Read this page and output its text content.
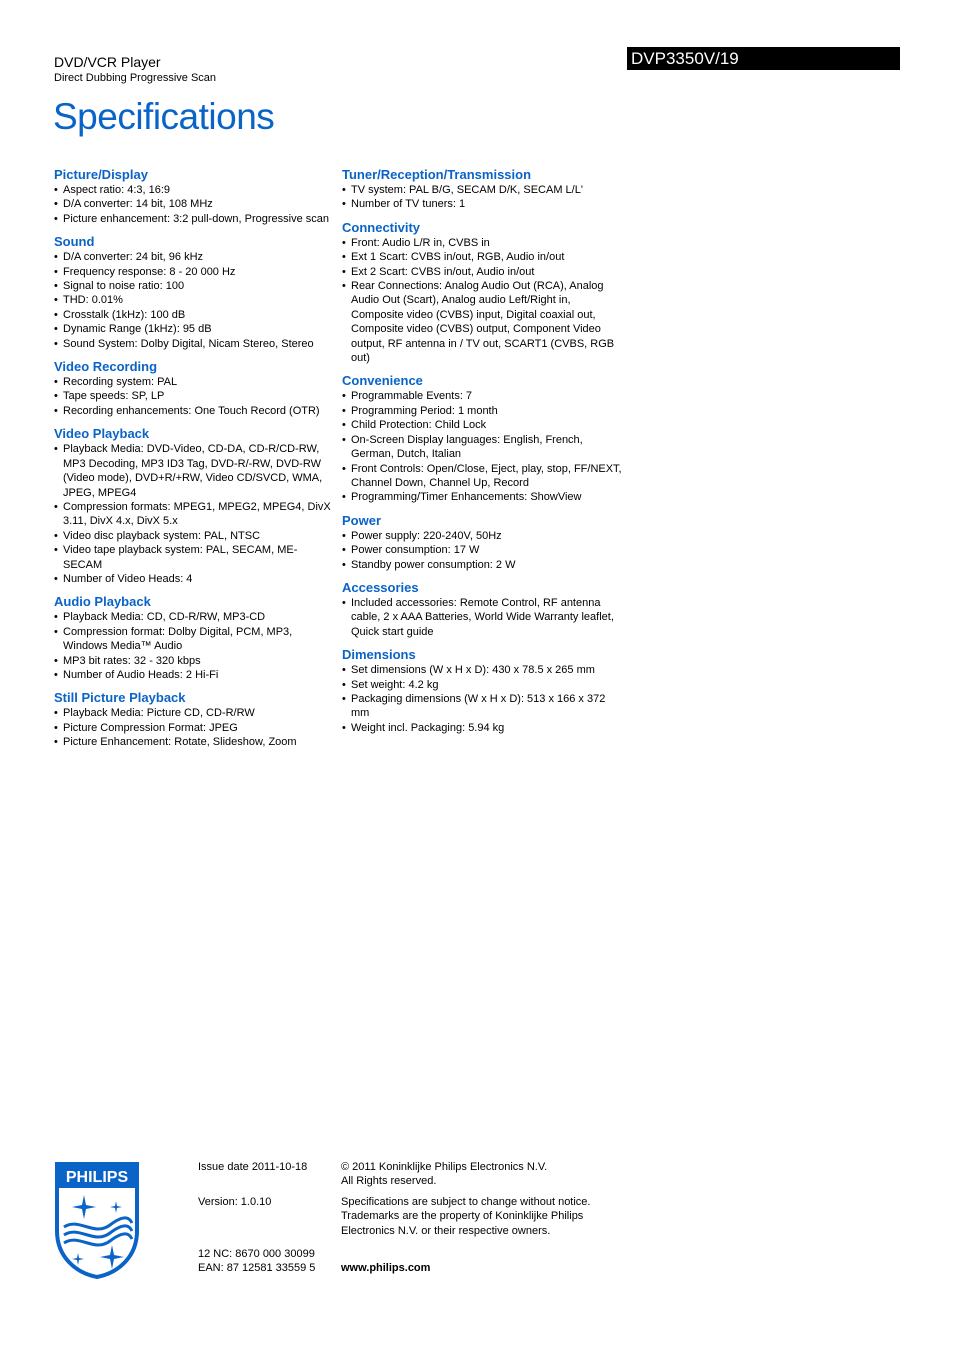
DVD/VCR Player
Direct Dubbing Progressive Scan
DVP3350V/19
Specifications
Picture/Display
• Aspect ratio: 4:3, 16:9
• D/A converter: 14 bit, 108 MHz
• Picture enhancement: 3:2 pull-down, Progressive scan
Sound
• D/A converter: 24 bit, 96 kHz
• Frequency response: 8 - 20 000 Hz
• Signal to noise ratio: 100
• THD: 0.01%
• Crosstalk (1kHz): 100 dB
• Dynamic Range (1kHz): 95 dB
• Sound System: Dolby Digital, Nicam Stereo, Stereo
Video Recording
• Recording system: PAL
• Tape speeds: SP, LP
• Recording enhancements: One Touch Record (OTR)
Video Playback
• Playback Media: DVD-Video, CD-DA, CD-R/CD-RW, MP3 Decoding, MP3 ID3 Tag, DVD-R/-RW, DVD-RW (Video mode), DVD+R/+RW, Video CD/SVCD, WMA, JPEG, MPEG4
• Compression formats: MPEG1, MPEG2, MPEG4, DivX 3.11, DivX 4.x, DivX 5.x
• Video disc playback system: PAL, NTSC
• Video tape playback system: PAL, SECAM, ME-SECAM
• Number of Video Heads: 4
Audio Playback
• Playback Media: CD, CD-R/RW, MP3-CD
• Compression format: Dolby Digital, PCM, MP3, Windows Media™ Audio
• MP3 bit rates: 32 - 320 kbps
• Number of Audio Heads: 2 Hi-Fi
Still Picture Playback
• Playback Media: Picture CD, CD-R/RW
• Picture Compression Format: JPEG
• Picture Enhancement: Rotate, Slideshow, Zoom
Tuner/Reception/Transmission
• TV system: PAL B/G, SECAM D/K, SECAM L/L'
• Number of TV tuners: 1
Connectivity
• Front: Audio L/R in, CVBS in
• Ext 1 Scart: CVBS in/out, RGB, Audio in/out
• Ext 2 Scart: CVBS in/out, Audio in/out
• Rear Connections: Analog Audio Out (RCA), Analog Audio Out (Scart), Analog audio Left/Right in, Composite video (CVBS) input, Digital coaxial out, Composite video (CVBS) output, Component Video output, RF antenna in / TV out, SCART1 (CVBS, RGB out)
Convenience
• Programmable Events: 7
• Programming Period: 1 month
• Child Protection: Child Lock
• On-Screen Display languages: English, French, German, Dutch, Italian
• Front Controls: Open/Close, Eject, play, stop, FF/NEXT, Channel Down, Channel Up, Record
• Programming/Timer Enhancements: ShowView
Power
• Power supply: 220-240V, 50Hz
• Power consumption: 17 W
• Standby power consumption: 2 W
Accessories
• Included accessories: Remote Control, RF antenna cable, 2 x AAA Batteries, World Wide Warranty leaflet, Quick start guide
Dimensions
• Set dimensions (W x H x D): 430 x 78.5 x 265 mm
• Set weight: 4.2 kg
• Packaging dimensions (W x H x D): 513 x 166 x 372 mm
• Weight incl. Packaging: 5.94 kg
PHILIPS
Issue date 2011-10-18
Version: 1.0.10
12 NC: 8670 000 30099
EAN: 87 12581 33559 5
© 2011 Koninklijke Philips Electronics N.V.
All Rights reserved.
Specifications are subject to change without notice.
Trademarks are the property of Koninklijke Philips
Electronics N.V. or their respective owners.
www.philips.com
